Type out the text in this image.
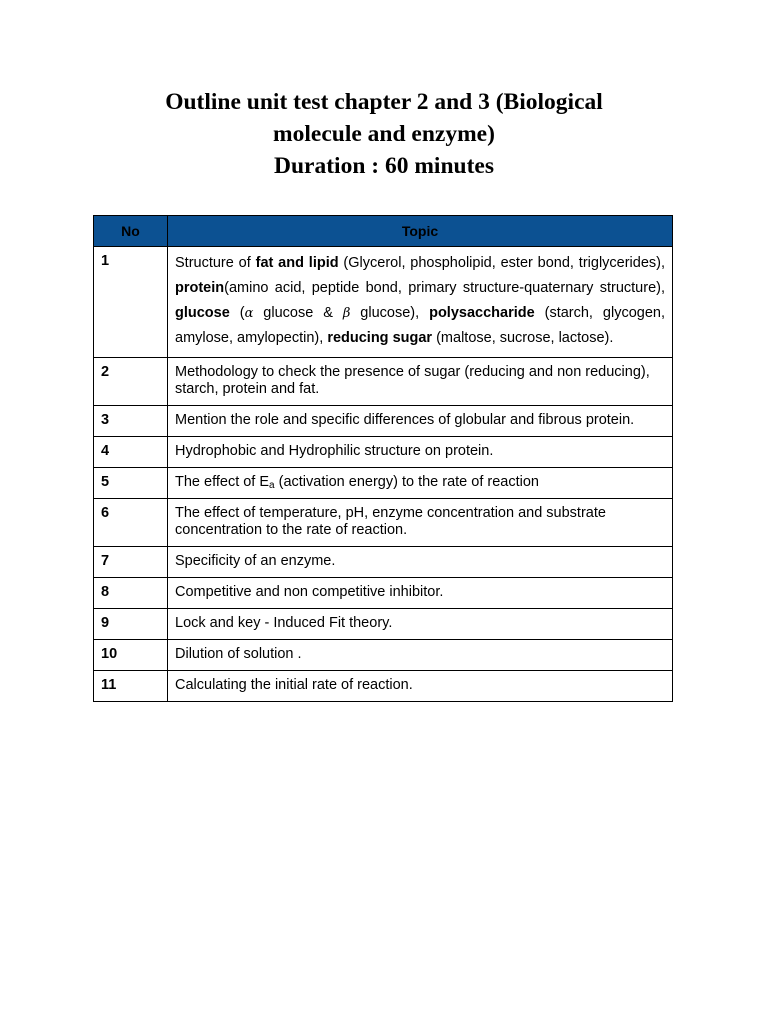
Outline unit test chapter 2 and 3 (Biological
molecule and enzyme)
Duration : 60 minutes
No	Topic
1	Structure of fat and lipid (Glycerol, phospholipid, ester bond, triglycerides), protein(amino acid, peptide bond, primary structure-quaternary structure), glucose (α glucose & β glucose), polysaccharide (starch, glycogen, amylose, amylopectin), reducing sugar (maltose, sucrose, lactose).
2	Methodology to check the presence of sugar (reducing and non reducing), starch, protein and fat.
3	Mention the role and specific differences of globular and fibrous protein.
4	Hydrophobic and Hydrophilic structure on protein.
5	The effect of $E_a$ (activation energy) to the rate of reaction
6	The effect of temperature, pH, enzyme concentration and substrate concentration to the rate of reaction.
7	Specificity of an enzyme.
8	Competitive and non competitive inhibitor.
9	Lock and key - Induced Fit theory.
10	Dilution of solution .
11	Calculating the initial rate of reaction.
